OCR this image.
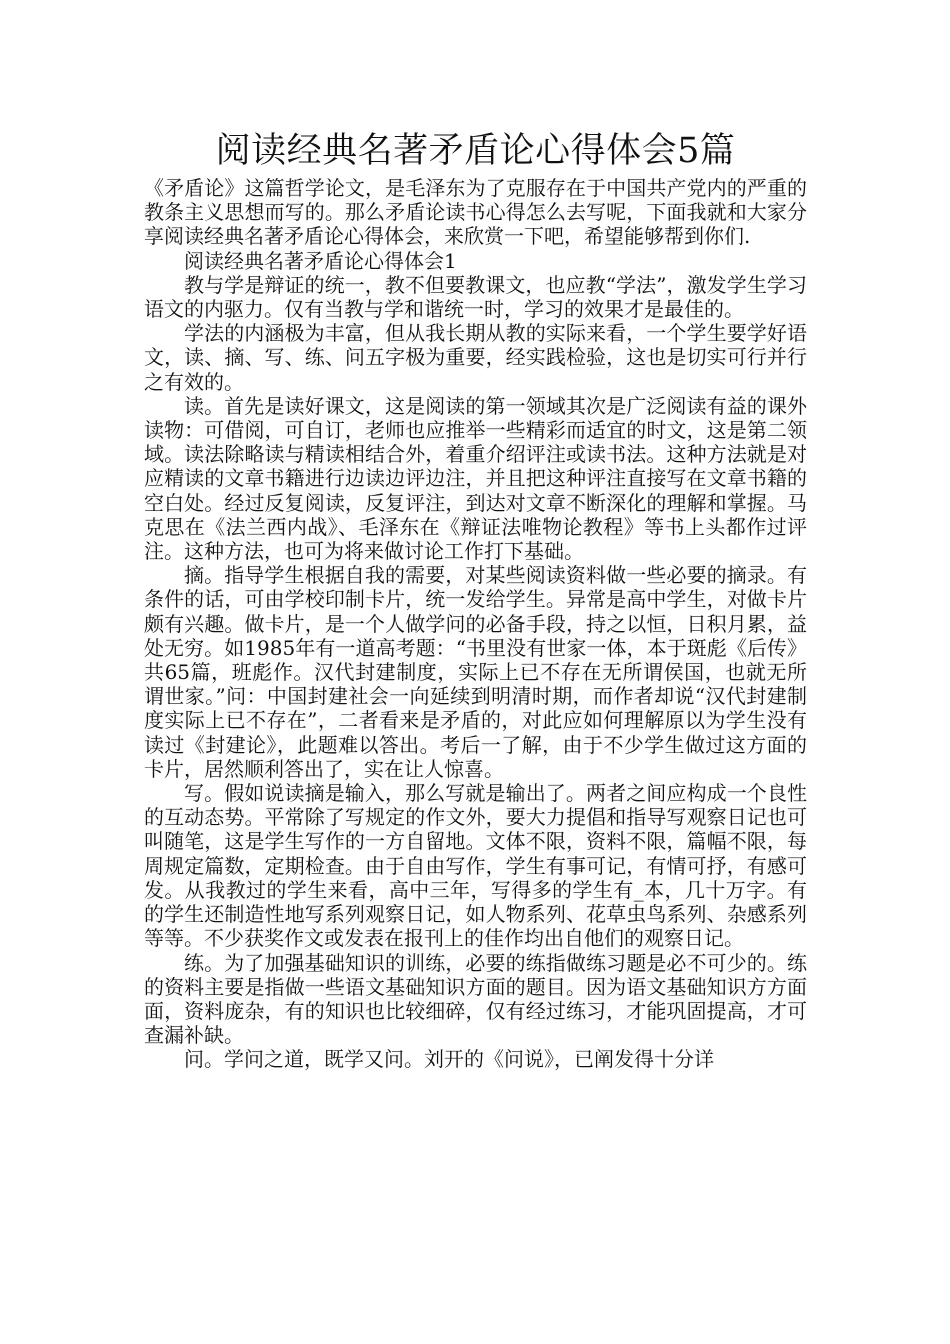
阅读经典名著矛盾论心得体会5篇

《矛盾论》这篇哲学论文，是毛泽东为了克服存在于中国共产党内的严重的教条主义思想而写的。那么矛盾论读书心得怎么去写呢，下面我就和大家分享阅读经典名著矛盾论心得体会，来欣赏一下吧，希望能够帮到你们.

阅读经典名著矛盾论心得体会1

教与学是辩证的统一，教不但要教课文，也应教“学法”，激发学生学习语文的内驱力。仅有当教与学和谐统一时，学习的效果才是最佳的。

学法的内涵极为丰富，但从我长期从教的实际来看，一个学生要学好语文，读、摘、写、练、问五字极为重要，经实践检验，这也是切实可行并行之有效的。

读。首先是读好课文，这是阅读的第一领域其次是广泛阅读有益的课外读物：可借阅，可自订，老师也应推举一些精彩而适宜的时文，这是第二领域。读法除略读与精读相结合外，着重介绍评注或读书法。这种方法就是对应精读的文章书籍进行边读边评边注，并且把这种评注直接写在文章书籍的空白处。经过反复阅读，反复评注，到达对文章不断深化的理解和掌握。马克思在《法兰西内战》、毛泽东在《辩证法唯物论教程》等书上头都作过评注。这种方法，也可为将来做讨论工作打下基础。

摘。指导学生根据自我的需要，对某些阅读资料做一些必要的摘录。有条件的话，可由学校印制卡片，统一发给学生。异常是高中学生，对做卡片颇有兴趣。做卡片，是一个人做学问的必备手段，持之以恒，日积月累，益处无穷。如1985年有一道高考题：“书里没有世家一体，本于斑彪《后传》共65篇，班彪作。汉代封建制度，实际上已不存在无所谓侯国，也就无所谓世家。”问：中国封建社会一向延续到明清时期，而作者却说“汉代封建制度实际上已不存在”，二者看来是矛盾的，对此应如何理解原以为学生没有读过《封建论》，此题难以答出。考后一了解，由于不少学生做过这方面的卡片，居然顺利答出了，实在让人惊喜。

写。假如说读摘是输入，那么写就是输出了。两者之间应构成一个良性的互动态势。平常除了写规定的作文外，要大力提倡和指导写观察日记也可叫随笔，这是学生写作的一方自留地。文体不限，资料不限，篇幅不限，每周规定篇数，定期检查。由于自由写作，学生有事可记，有情可抒，有感可发。从我教过的学生来看，高中三年，写得多的学生有_本，几十万字。有的学生还制造性地写系列观察日记，如人物系列、花草虫鸟系列、杂感系列等等。不少获奖作文或发表在报刊上的佳作均出自他们的观察日记。

练。为了加强基础知识的训练，必要的练指做练习题是必不可少的。练的资料主要是指做一些语文基础知识方面的题目。因为语文基础知识方方面面，资料庞杂，有的知识也比较细碎，仅有经过练习，才能巩固提高，才可查漏补缺。

问。学问之道，既学又问。刘开的《问说》，已阐发得十分详
